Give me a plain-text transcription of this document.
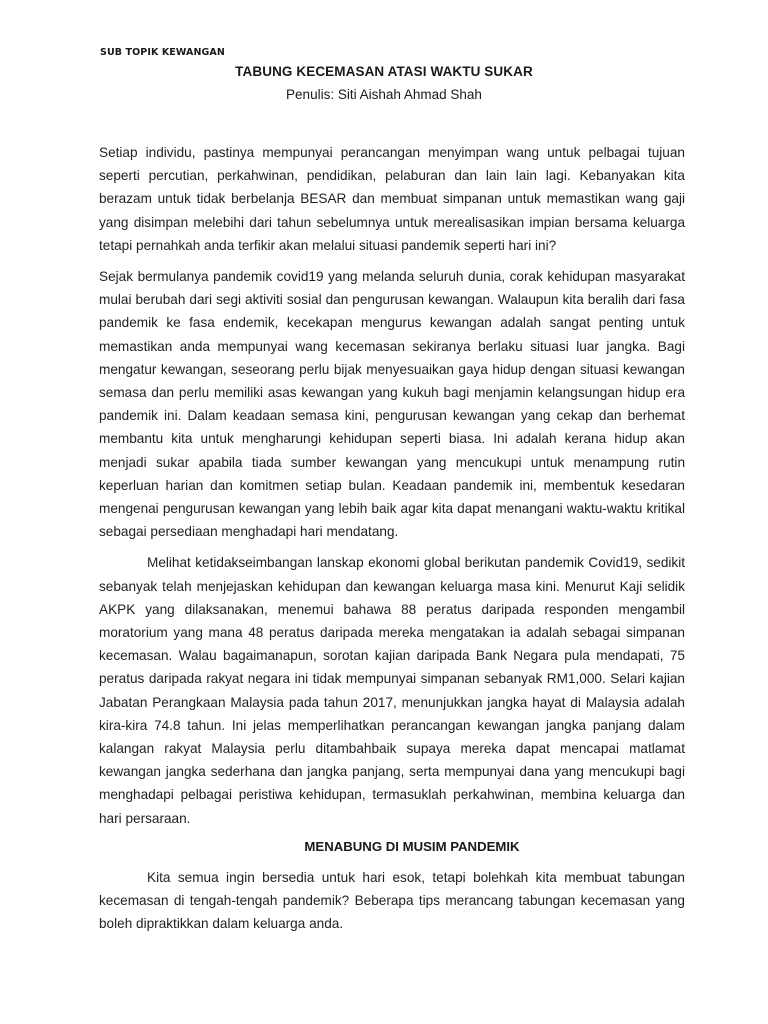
SUB TOPIK KEWANGAN
TABUNG KECEMASAN ATASI WAKTU SUKAR
Penulis: Siti Aishah Ahmad Shah

Setiap individu, pastinya mempunyai perancangan menyimpan wang untuk pelbagai tujuan seperti percutian, perkahwinan, pendidikan, pelaburan dan lain lain lagi. Kebanyakan kita berazam untuk tidak berbelanja BESAR dan membuat simpanan untuk memastikan wang gaji yang disimpan melebihi dari tahun sebelumnya untuk merealisasikan impian bersama keluarga tetapi pernahkah anda terfikir akan melalui situasi pandemik seperti hari ini?

Sejak bermulanya pandemik covid19 yang melanda seluruh dunia, corak kehidupan masyarakat mulai berubah dari segi aktiviti sosial dan pengurusan kewangan. Walaupun kita beralih dari fasa pandemik ke fasa endemik, kecekapan mengurus kewangan adalah sangat penting untuk memastikan anda mempunyai wang kecemasan sekiranya berlaku situasi luar jangka. Bagi mengatur kewangan, seseorang perlu bijak menyesuaikan gaya hidup dengan situasi kewangan semasa dan perlu memiliki asas kewangan yang kukuh bagi menjamin kelangsungan hidup era pandemik ini. Dalam keadaan semasa kini, pengurusan kewangan yang cekap dan berhemat membantu kita untuk mengharungi kehidupan seperti biasa. Ini adalah kerana hidup akan menjadi sukar apabila tiada sumber kewangan yang mencukupi untuk menampung rutin keperluan harian dan komitmen setiap bulan. Keadaan pandemik ini, membentuk kesedaran mengenai pengurusan kewangan yang lebih baik agar kita dapat menangani waktu-waktu kritikal sebagai persediaan menghadapi hari mendatang.

Melihat ketidakseimbangan lanskap ekonomi global berikutan pandemik Covid19, sedikit sebanyak telah menjejaskan kehidupan dan kewangan keluarga masa kini. Menurut Kaji selidik AKPK yang dilaksanakan, menemui bahawa 88 peratus daripada responden mengambil moratorium yang mana 48 peratus daripada mereka mengatakan ia adalah sebagai simpanan kecemasan. Walau bagaimanapun, sorotan kajian daripada Bank Negara pula mendapati, 75 peratus daripada rakyat negara ini tidak mempunyai simpanan sebanyak RM1,000. Selari kajian Jabatan Perangkaan Malaysia pada tahun 2017, menunjukkan jangka hayat di Malaysia adalah kira-kira 74.8 tahun. Ini jelas memperlihatkan perancangan kewangan jangka panjang dalam kalangan rakyat Malaysia perlu ditambahbaik supaya mereka dapat mencapai matlamat kewangan jangka sederhana dan jangka panjang, serta mempunyai dana yang mencukupi bagi menghadapi pelbagai peristiwa kehidupan, termasuklah perkahwinan, membina keluarga dan hari persaraan.

MENABUNG DI MUSIM PANDEMIK

Kita semua ingin bersedia untuk hari esok, tetapi bolehkah kita membuat tabungan kecemasan di tengah-tengah pandemik? Beberapa tips merancang tabungan kecemasan yang boleh dipraktikkan dalam keluarga anda.
